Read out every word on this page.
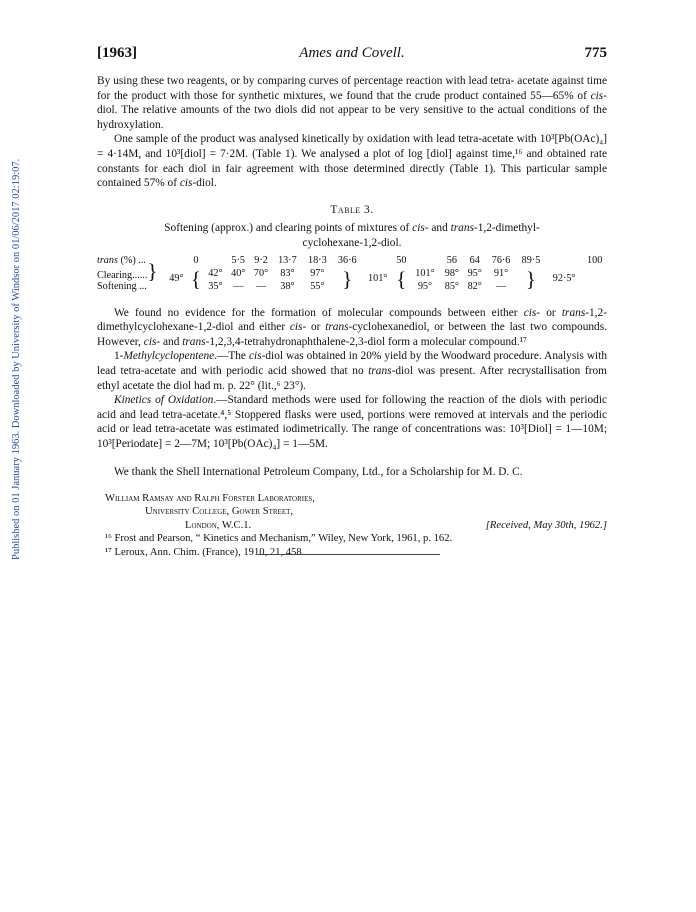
Published on 01 January 1963. Downloaded by University of Windsor on 01/06/2017 02:19:07.
[1963]	Ames and Covell.	775

By using these two reagents, or by comparing curves of percentage reaction with lead tetra- acetate against time for the product with those for synthetic mixtures, we found that the crude product contained 55—65% of cis-diol. The relative amounts of the two diols did not appear to be very sensitive to the actual conditions of the hydroxylation.

One sample of the product was analysed kinetically by oxidation with lead tetra-acetate with 10³[Pb(OAc)₄] = 4·14M, and 10³[diol] = 7·2M. (Table 1). We analysed a plot of log [diol] against time,¹⁶ and obtained rate constants for each diol in fair agreement with those determined directly (Table 1). This particular sample contained 57% of cis-diol.

Table 3.
Softening (approx.) and clearing points of mixtures of cis- and trans-1,2-dimethyl-
cyclohexane-1,2-diol.
trans (%) ...		0		5·5	9·2	13·7	18·3	36·6		50		56	64	76·6	89·5		100
Clearing......}	49°	{	42°	40°	70°	83°	97°	}	101°	{	101°	98°	95°	91°	}	92·5°	
Softening ...			35°	—	—	38°	55°				95°	85°	82°	—			

We found no evidence for the formation of molecular compounds between either cis- or trans-1,2-dimethylcyclohexane-1,2-diol and either cis- or trans-cyclohexanediol, or between the last two compounds. However, cis- and trans-1,2,3,4-tetrahydronaphthalene-2,3-diol form a molecular compound.¹⁷

1-Methylcyclopentene.—The cis-diol was obtained in 20% yield by the Woodward procedure. Analysis with lead tetra-acetate and with periodic acid showed that no trans-diol was present. After recrystallisation from ethyl acetate the diol had m. p. 22° (lit.,⁶ 23°).

Kinetics of Oxidation.—Standard methods were used for following the reaction of the diols with periodic acid and lead tetra-acetate.⁴,⁵ Stoppered flasks were used, portions were removed at intervals and the periodic acid or lead tetra-acetate was estimated iodimetrically. The range of concentrations was: 10³[Diol] = 1—10M; 10³[Periodate] = 2—7M; 10³[Pb(OAc)₄] = 1—5M.

We thank the Shell International Petroleum Company, Ltd., for a Scholarship for M. D. C.

William Ramsay and Ralph Forster Laboratories,
University College, Gower Street,
London, W.C.1.	[Received, May 30th, 1962.]
¹⁶ Frost and Pearson, “ Kinetics and Mechanism,” Wiley, New York, 1961, p. 162.
¹⁷ Leroux, Ann. Chim. (France), 1910, 21, 458.
